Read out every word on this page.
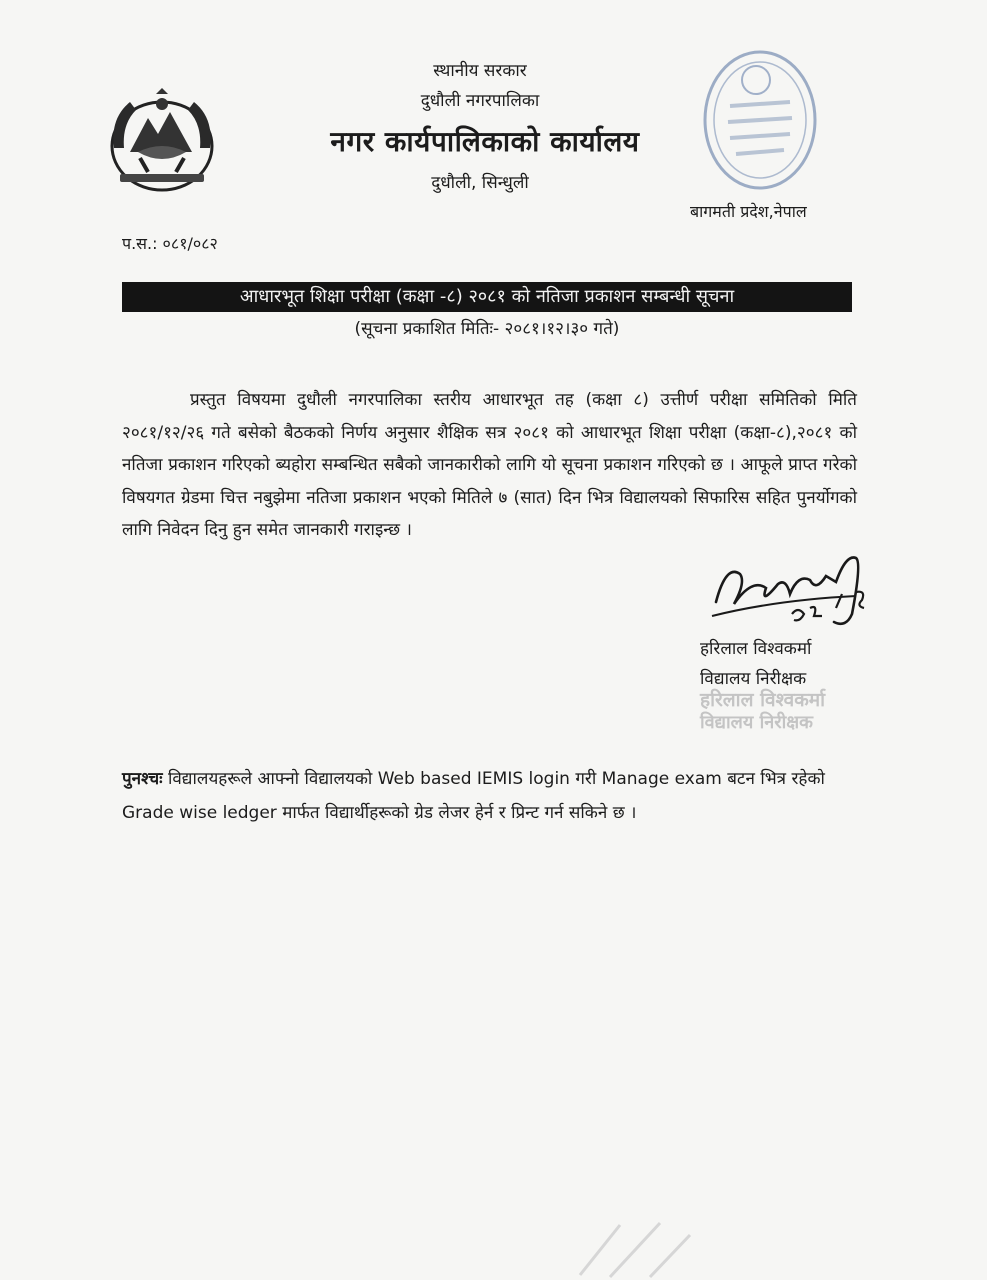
स्थानीय सरकार
दुधौली नगरपालिका
नगर कार्यपालिकाको कार्यालय
दुधौली, सिन्धुली
बागमती प्रदेश,नेपाल
प.स.: ०८१/०८२
आधारभूत शिक्षा परीक्षा (कक्षा -८) २०८१ को नतिजा प्रकाशन सम्बन्धी सूचना
(सूचना प्रकाशित मितिः- २०८१।१२।३० गते)
प्रस्तुत विषयमा दुधौली नगरपालिका स्तरीय आधारभूत तह (कक्षा ८) उत्तीर्ण परीक्षा समितिको मिति २०८१/१२/२६ गते बसेको बैठकको निर्णय अनुसार शैक्षिक सत्र २०८१ को आधारभूत शिक्षा परीक्षा (कक्षा-८),२०८१ को नतिजा प्रकाशन गरिएको ब्यहोरा सम्बन्धित सबैको जानकारीको लागि यो सूचना प्रकाशन गरिएको छ । आफूले प्राप्त गरेको विषयगत ग्रेडमा चित्त नबुझेमा नतिजा प्रकाशन भएको मितिले ७ (सात) दिन भित्र विद्यालयको सिफारिस सहित पुनर्योगको लागि निवेदन दिनु हुन समेत जानकारी गराइन्छ ।
हरिलाल विश्वकर्मा
विद्यालय निरीक्षक
हरिलाल विश्वकर्मा
विद्यालय निरीक्षक
पुनश्चः विद्यालयहरूले आफ्नो विद्यालयको Web based IEMIS login गरी Manage exam बटन भित्र रहेको Grade wise ledger मार्फत विद्यार्थीहरूको ग्रेड लेजर हेर्न र प्रिन्ट गर्न सकिने छ ।
